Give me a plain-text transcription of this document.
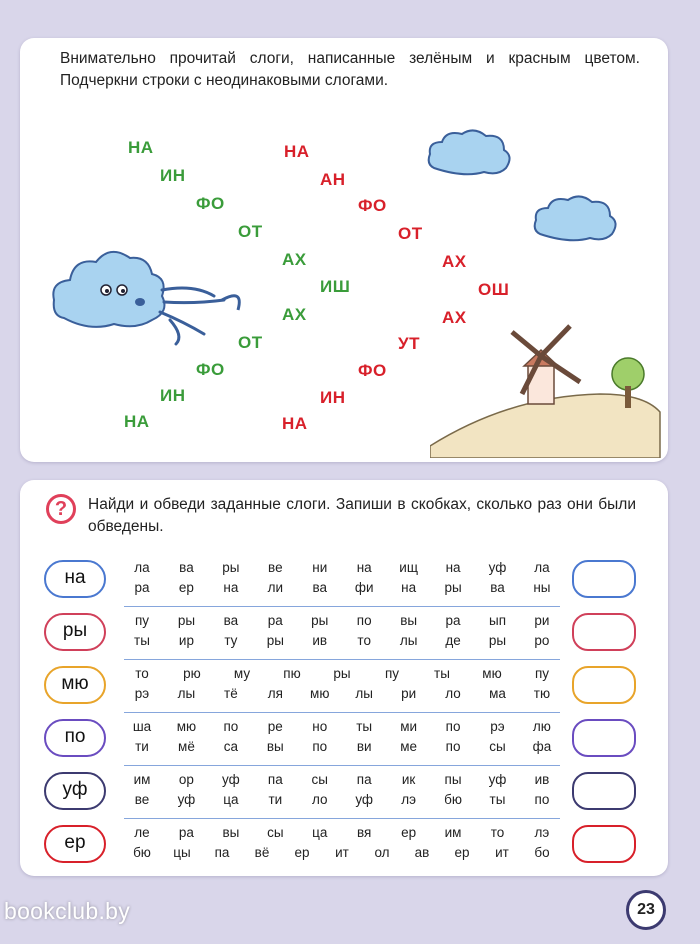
Внимательно прочитай слоги, написанные зелёным и красным цветом. Подчеркни строки с неодинаковыми слогами.

НА
ИН
ФО
ОТ
АХ
ИШ
АХ
ОТ
ФО
ИН
НА
НА
АН
ФО
ОТ
АХ
ОШ
АХ
УТ
ФО
ИН
НА
?	Найди и обведи заданные слоги. Запиши в скобках, сколько раз они были обведены.

на	ла	ва	ры	ве	ни	на	ищ	на	уф	ла
ра	ер	на	ли	ва	фи	на	ры	ва	ны
ры	пу	ры	ва	ра	ры	по	вы	ра	ып	ри
ты	ир	ту	ры	ив	то	лы	де	ры	ро
мю	то	рю	му	пю	ры	пу	ты	мю	пу
рэ	лы	тё	ля	мю	лы	ри	ло	ма	тю
по	ша	мю	по	ре	но	ты	ми	по	рэ	лю
ти	мё	са	вы	по	ви	ме	по	сы	фа
уф	им	ор	уф	па	сы	па	ик	пы	уф	ив
ве	уф	ца	ти	ло	уф	лэ	бю	ты	по
ер	ле	ра	вы	сы	ца	вя	ер	им	то	лэ
бю	цы	па	вё	ер	ит	ол	ав	ер	ит	бо
bookclub.by	23
